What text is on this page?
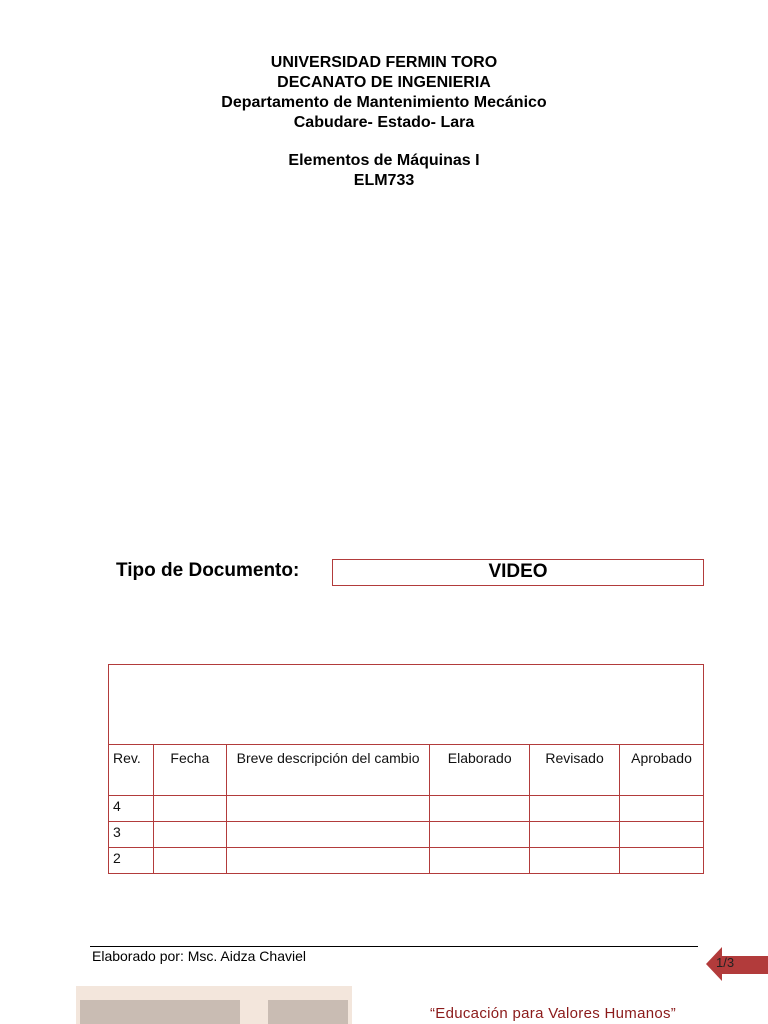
UNIVERSIDAD FERMIN TORO
DECANATO DE INGENIERIA
Departamento de Mantenimiento Mecánico
Cabudare- Estado- Lara
Elementos de Máquinas I
ELM733
Tipo de Documento:	VIDEO

Rev.	Fecha	Breve descripción del cambio	Elaborado	Revisado	Aprobado
4					
3					
2					
Elaborado por: Msc. Aidza Chaviel	1/3
“Educación para Valores Humanos”
